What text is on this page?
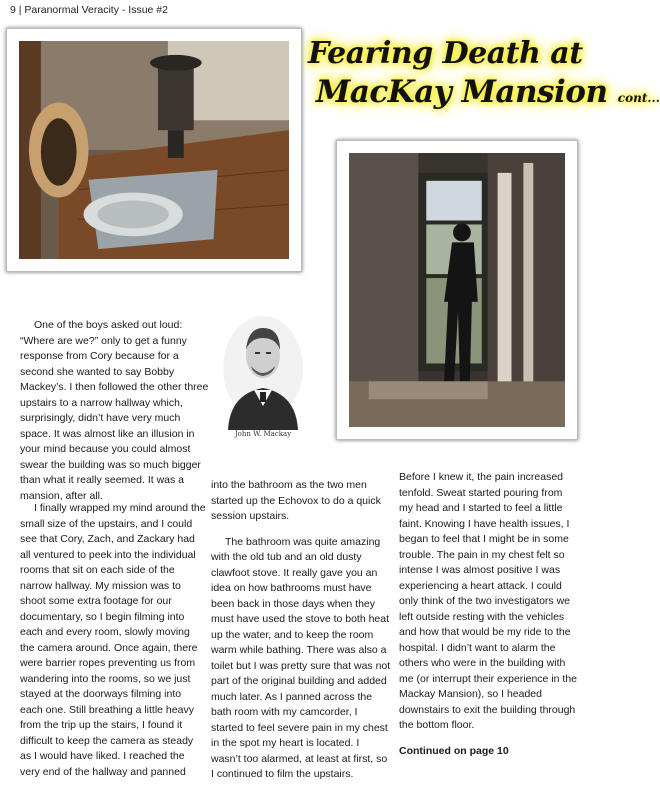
9 | Paranormal Veracity - Issue #2
Fearing Death at
MacKay Mansion cont...
John W. Mackay

One of the boys asked out loud: “Where are we?” only to get a funny response from Cory because for a second she wanted to say Bobby Mackey’s. I then followed the other three upstairs to a narrow hallway which, surprisingly, didn’t have very much space. It was almost like an illusion in your mind because you could almost swear the building was so much bigger than what it really seemed. It was a mansion, after all.

I finally wrapped my mind around the small size of the upstairs, and I could see that Cory, Zach, and Zackary had all ventured to peek into the individual rooms that sit on each side of the narrow hallway. My mission was to shoot some extra footage for our documentary, so I begin filming into each and every room, slowly moving the camera around. Once again, there were barrier ropes preventing us from wandering into the rooms, so we just stayed at the doorways filming into each one. Still breathing a little heavy from the trip up the stairs, I found it difficult to keep the camera as steady as I would have liked. I reached the very end of the hallway and panned

into the bathroom as the two men started up the Echovox to do a quick session upstairs.

The bathroom was quite amazing with the old tub and an old dusty clawfoot stove. It really gave you an idea on how bathrooms must have been back in those days when they must have used the stove to both heat up the water, and to keep the room warm while bathing. There was also a toilet but I was pretty sure that was not part of the original building and added much later. As I panned across the bath room with my camcorder, I started to feel severe pain in my chest in the spot my heart is located. I wasn’t too alarmed, at least at first, so I continued to film the upstairs.

Before I knew it, the pain increased tenfold. Sweat started pouring from my head and I started to feel a little faint. Knowing I have health issues, I began to feel that I might be in some trouble. The pain in my chest felt so intense I was almost positive I was experiencing a heart attack. I could only think of the two investigators we left outside resting with the vehicles and how that would be my ride to the hospital. I didn’t want to alarm the others who were in the building with me (or interrupt their experience in the Mackay Mansion), so I headed downstairs to exit the building through the bottom floor.

Continued on page 10
